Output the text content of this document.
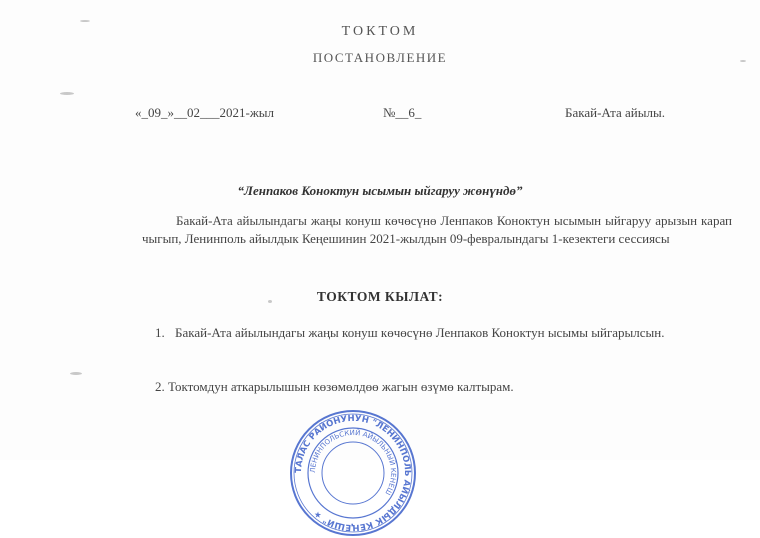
ТОКТОМ
ПОСТАНОВЛЕНИЕ
«_09_»__02___2021-жыл	№__6_	Бакай-Ата айылы.
“Ленпаков Коноктун ысымын ыйгаруу жөнүндө”
Бакай-Ата айылындагы жаңы конуш көчөсүнө Ленпаков Коноктун ысымын ыйгаруу арызын карап чыгып, Ленинполь айылдык Кеңешинин 2021-жылдын 09-февралындагы 1-кезектеги сессиясы
ТОКТОМ КЫЛАТ:
1. Бакай-Ата айылындагы жаңы конуш көчөсүнө Ленпаков Коноктун ысымы ыйгарылсын.
2. Токтомдун аткарылышын көзөмөлдөө жагын өзүмө калтырам.
ТАЛАС РАЙОНУНУН "ЛЕНИНПОЛЬ АЙЫЛДЫК КЕҢЕШИ" ★
ЛЕНИНПОЛЬСКИЙ АЙЫЛЬНЫЙ КЕНЕШ
